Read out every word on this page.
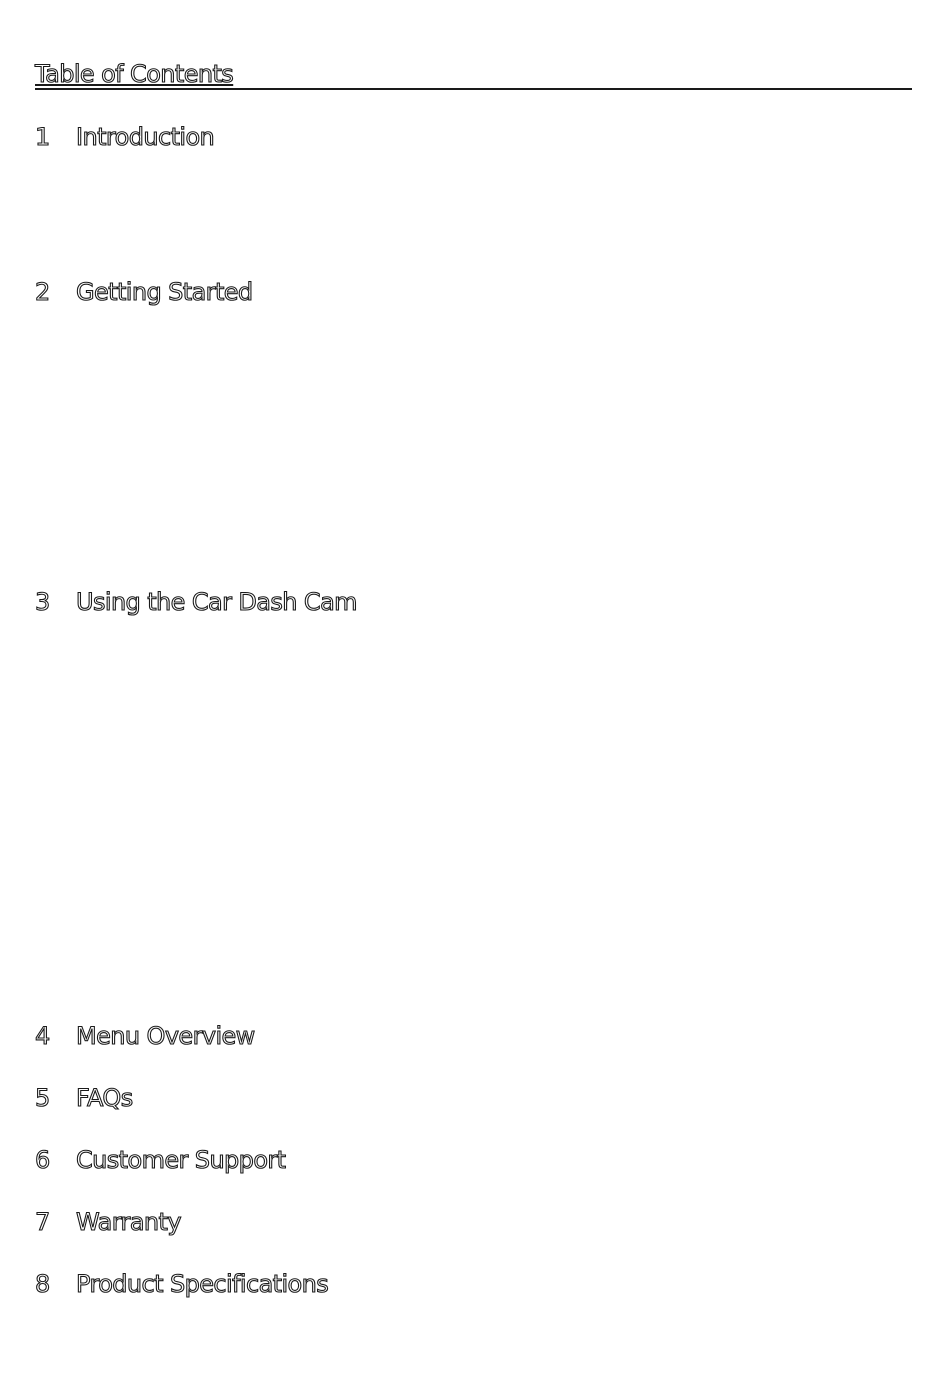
Table of Contents
1 Introduction
2 Getting Started
3 Using the Car Dash Cam
4 Menu Overview
5 FAQs
6 Customer Support
7 Warranty
8 Product Specifications
